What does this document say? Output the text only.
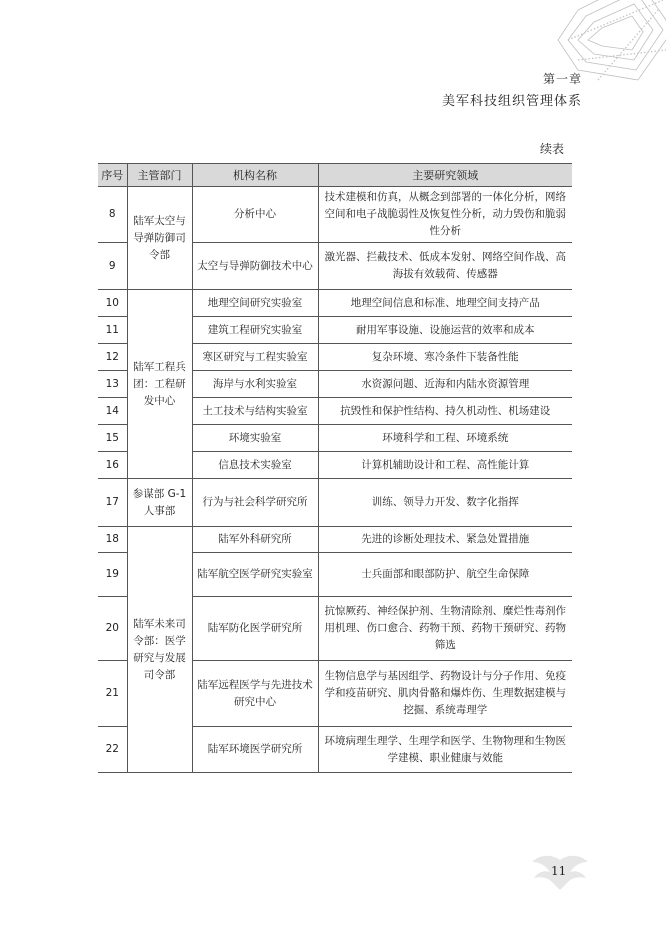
第一章
美军科技组织管理体系
续表
序号	主管部门	机构名称	主要研究领域
8	陆军太空与导弹防御司令部	分析中心	技术建模和仿真，从概念到部署的一体化分析，网络空间和电子战脆弱性及恢复性分析，动力毁伤和脆弱性分析
9		太空与导弹防御技术中心	激光器、拦截技术、低成本发射、网络空间作战、高海拔有效载荷、传感器
10	陆军工程兵团：工程研发中心	地理空间研究实验室	地理空间信息和标准、地理空间支持产品
11		建筑工程研究实验室	耐用军事设施、设施运营的效率和成本
12		寒区研究与工程实验室	复杂环境、寒冷条件下装备性能
13		海岸与水利实验室	水资源问题、近海和内陆水资源管理
14		土工技术与结构实验室	抗毁性和保护性结构、持久机动性、机场建设
15		环境实验室	环境科学和工程、环境系统
16		信息技术实验室	计算机辅助设计和工程、高性能计算
17	参谋部 G-1 人事部	行为与社会科学研究所	训练、领导力开发、数字化指挥
18	陆军未来司令部：医学研究与发展司令部	陆军外科研究所	先进的诊断处理技术、紧急处置措施
19		陆军航空医学研究实验室	士兵面部和眼部防护、航空生命保障
20		陆军防化医学研究所	抗惊厥药、神经保护剂、生物清除剂、糜烂性毒剂作用机理、伤口愈合、药物干预、药物干预研究、药物筛选
21		陆军远程医学与先进技术研究中心	生物信息学与基因组学、药物设计与分子作用、免疫学和疫苗研究、肌肉骨骼和爆炸伤、生理数据建模与挖掘、系统毒理学
22		陆军环境医学研究所	环境病理生理学、生理学和医学、生物物理和生物医学建模、职业健康与效能
11
